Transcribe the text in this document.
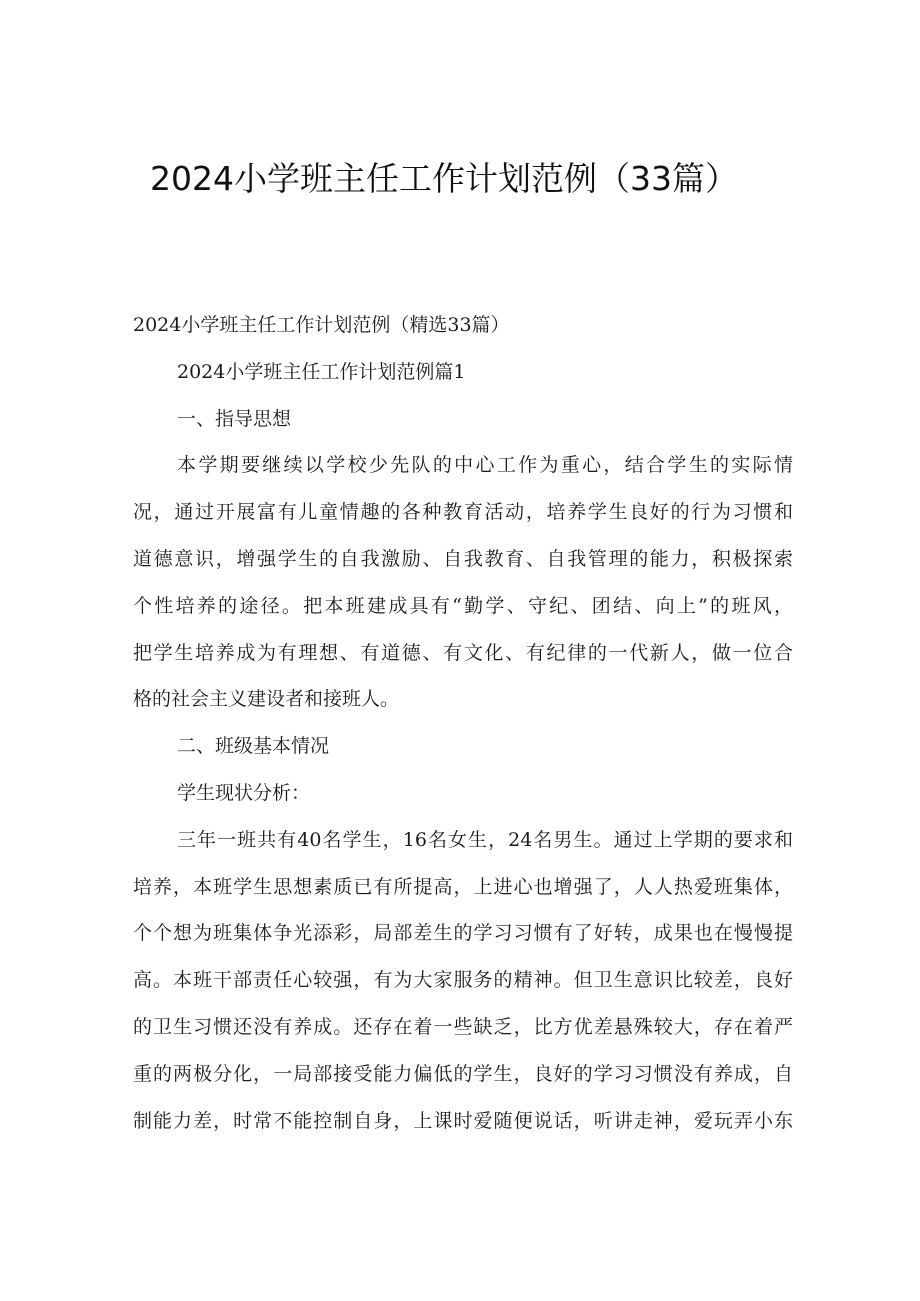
2024小学班主任工作计划范例（33篇）
2024小学班主任工作计划范例（精选33篇）
2024小学班主任工作计划范例篇1
一、指导思想
本学期要继续以学校少先队的中心工作为重心，结合学生的实际情
况，通过开展富有儿童情趣的各种教育活动，培养学生良好的行为习惯和
道德意识，增强学生的自我激励、自我教育、自我管理的能力，积极探索
个性培养的途径。把本班建成具有“勤学、守纪、团结、向上”的班风，
把学生培养成为有理想、有道德、有文化、有纪律的一代新人，做一位合
格的社会主义建设者和接班人。
二、班级基本情况
学生现状分析：
三年一班共有40名学生，16名女生，24名男生。通过上学期的要求和
培养，本班学生思想素质已有所提高，上进心也增强了，人人热爱班集体，
个个想为班集体争光添彩，局部差生的学习习惯有了好转，成果也在慢慢提
高。本班干部责任心较强，有为大家服务的精神。但卫生意识比较差，良好
的卫生习惯还没有养成。还存在着一些缺乏，比方优差悬殊较大，存在着严
重的两极分化，一局部接受能力偏低的学生，良好的学习习惯没有养成，自
制能力差，时常不能控制自身，上课时爱随便说话，听讲走神，爱玩弄小东
